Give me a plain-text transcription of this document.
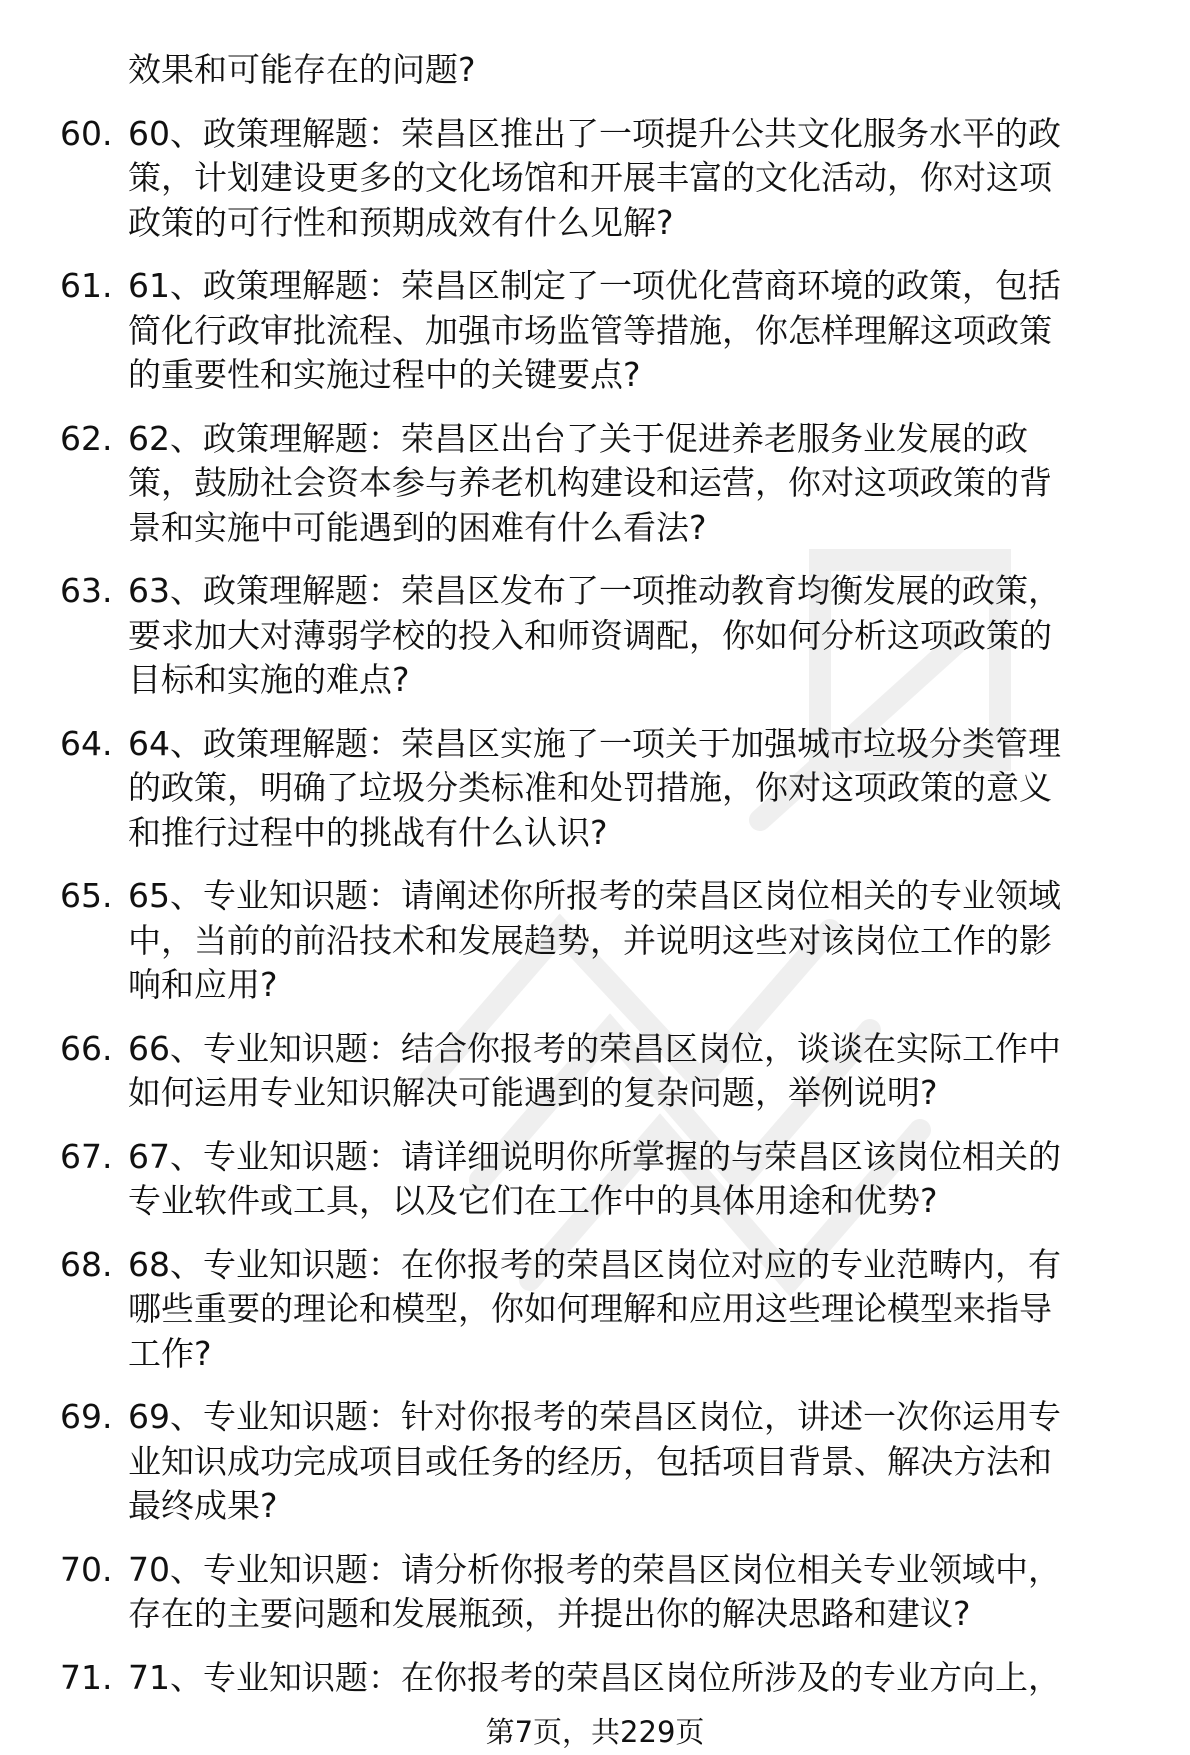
效果和可能存在的问题?
60. 60、政策理解题：荣昌区推出了一项提升公共文化服务水平的政
策，计划建设更多的文化场馆和开展丰富的文化活动，你对这项
政策的可行性和预期成效有什么见解?
61. 61、政策理解题：荣昌区制定了一项优化营商环境的政策，包括
简化行政审批流程、加强市场监管等措施，你怎样理解这项政策
的重要性和实施过程中的关键要点?
62. 62、政策理解题：荣昌区出台了关于促进养老服务业发展的政
策，鼓励社会资本参与养老机构建设和运营，你对这项政策的背
景和实施中可能遇到的困难有什么看法?
63. 63、政策理解题：荣昌区发布了一项推动教育均衡发展的政策，
要求加大对薄弱学校的投入和师资调配，你如何分析这项政策的
目标和实施的难点?
64. 64、政策理解题：荣昌区实施了一项关于加强城市垃圾分类管理
的政策，明确了垃圾分类标准和处罚措施，你对这项政策的意义
和推行过程中的挑战有什么认识?
65. 65、专业知识题：请阐述你所报考的荣昌区岗位相关的专业领域
中，当前的前沿技术和发展趋势，并说明这些对该岗位工作的影
响和应用?
66. 66、专业知识题：结合你报考的荣昌区岗位，谈谈在实际工作中
如何运用专业知识解决可能遇到的复杂问题，举例说明?
67. 67、专业知识题：请详细说明你所掌握的与荣昌区该岗位相关的
专业软件或工具，以及它们在工作中的具体用途和优势?
68. 68、专业知识题：在你报考的荣昌区岗位对应的专业范畴内，有
哪些重要的理论和模型，你如何理解和应用这些理论模型来指导
工作?
69. 69、专业知识题：针对你报考的荣昌区岗位，讲述一次你运用专
业知识成功完成项目或任务的经历，包括项目背景、解决方法和
最终成果?
70. 70、专业知识题：请分析你报考的荣昌区岗位相关专业领域中，
存在的主要问题和发展瓶颈，并提出你的解决思路和建议?
71. 71、专业知识题：在你报考的荣昌区岗位所涉及的专业方向上，
第7页，共229页
